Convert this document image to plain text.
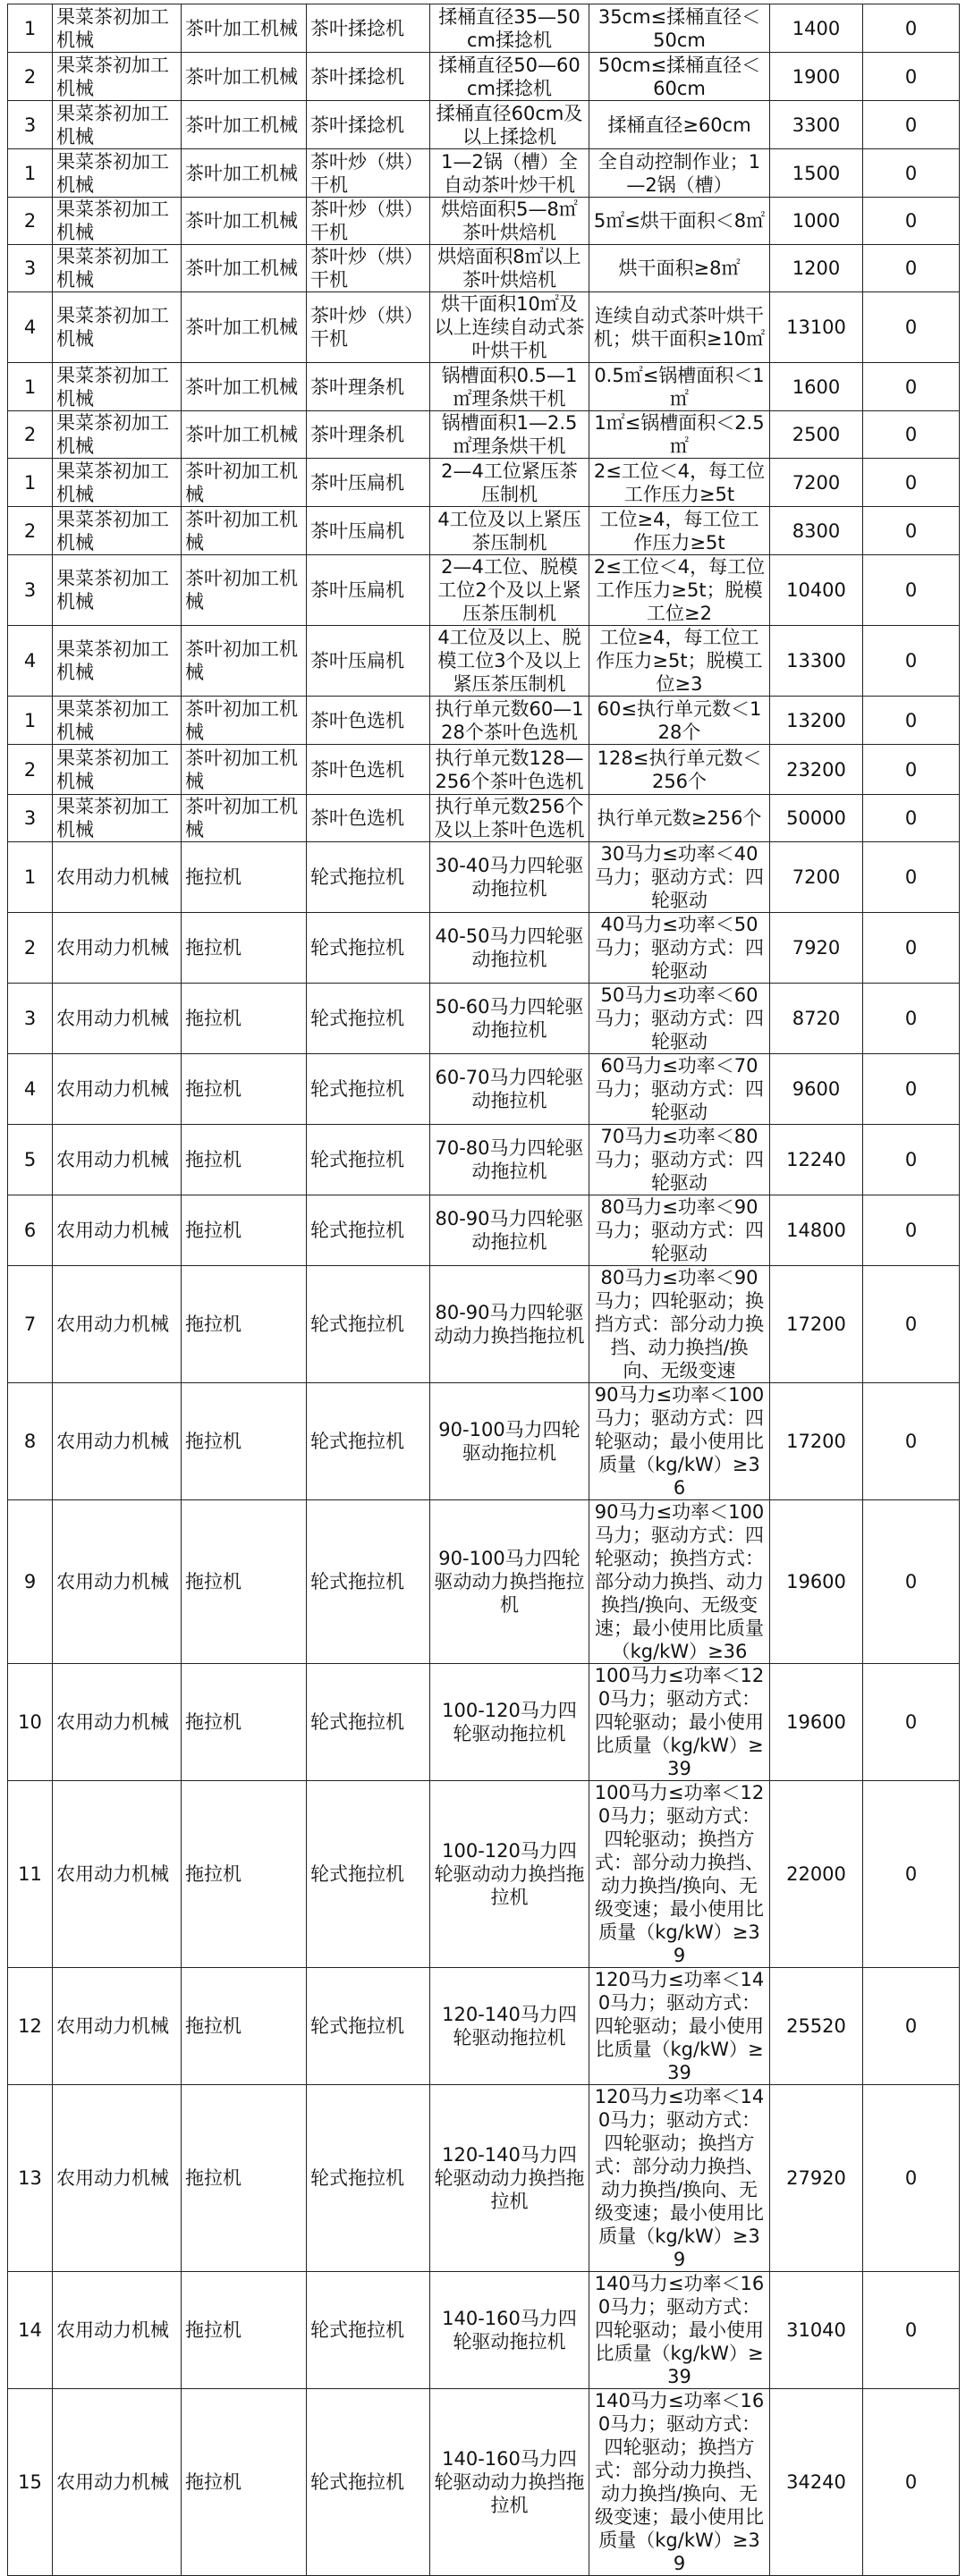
1	果菜茶初加工机械	茶叶加工机械	茶叶揉捻机	揉桶直径35—50cm揉捻机	35cm≤揉桶直径＜50cm	1400	0
2	果菜茶初加工机械	茶叶加工机械	茶叶揉捻机	揉桶直径50—60cm揉捻机	50cm≤揉桶直径＜60cm	1900	0
3	果菜茶初加工机械	茶叶加工机械	茶叶揉捻机	揉桶直径60cm及以上揉捻机	揉桶直径≥60cm	3300	0
1	果菜茶初加工机械	茶叶加工机械	茶叶炒（烘）干机	1—2锅（槽）全自动茶叶炒干机	全自动控制作业；1—2锅（槽）	1500	0
2	果菜茶初加工机械	茶叶加工机械	茶叶炒（烘）干机	烘焙面积5—8㎡茶叶烘焙机	5㎡≤烘干面积＜8㎡	1000	0
3	果菜茶初加工机械	茶叶加工机械	茶叶炒（烘）干机	烘焙面积8㎡以上茶叶烘焙机	烘干面积≥8㎡	1200	0
4	果菜茶初加工机械	茶叶加工机械	茶叶炒（烘）干机	烘干面积10㎡及以上连续自动式茶叶烘干机	连续自动式茶叶烘干机；烘干面积≥10㎡	13100	0
1	果菜茶初加工机械	茶叶加工机械	茶叶理条机	锅槽面积0.5—1㎡理条烘干机	0.5㎡≤锅槽面积＜1㎡	1600	0
2	果菜茶初加工机械	茶叶加工机械	茶叶理条机	锅槽面积1—2.5㎡理条烘干机	1㎡≤锅槽面积＜2.5㎡	2500	0
1	果菜茶初加工机械	茶叶初加工机械	茶叶压扁机	2—4工位紧压茶压制机	2≤工位＜4，每工位工作压力≥5t	7200	0
2	果菜茶初加工机械	茶叶初加工机械	茶叶压扁机	4工位及以上紧压茶压制机	工位≥4，每工位工作压力≥5t	8300	0
3	果菜茶初加工机械	茶叶初加工机械	茶叶压扁机	2—4工位、脱模工位2个及以上紧压茶压制机	2≤工位＜4，每工位工作压力≥5t；脱模工位≥2	10400	0
4	果菜茶初加工机械	茶叶初加工机械	茶叶压扁机	4工位及以上、脱模工位3个及以上紧压茶压制机	工位≥4，每工位工作压力≥5t；脱模工位≥3	13300	0
1	果菜茶初加工机械	茶叶初加工机械	茶叶色选机	执行单元数60—128个茶叶色选机	60≤执行单元数＜128个	13200	0
2	果菜茶初加工机械	茶叶初加工机械	茶叶色选机	执行单元数128—256个茶叶色选机	128≤执行单元数＜256个	23200	0
3	果菜茶初加工机械	茶叶初加工机械	茶叶色选机	执行单元数256个及以上茶叶色选机	执行单元数≥256个	50000	0
1	农用动力机械	拖拉机	轮式拖拉机	30-40马力四轮驱动拖拉机	30马力≤功率＜40马力；驱动方式：四轮驱动	7200	0
2	农用动力机械	拖拉机	轮式拖拉机	40-50马力四轮驱动拖拉机	40马力≤功率＜50马力；驱动方式：四轮驱动	7920	0
3	农用动力机械	拖拉机	轮式拖拉机	50-60马力四轮驱动拖拉机	50马力≤功率＜60马力；驱动方式：四轮驱动	8720	0
4	农用动力机械	拖拉机	轮式拖拉机	60-70马力四轮驱动拖拉机	60马力≤功率＜70马力；驱动方式：四轮驱动	9600	0
5	农用动力机械	拖拉机	轮式拖拉机	70-80马力四轮驱动拖拉机	70马力≤功率＜80马力；驱动方式：四轮驱动	12240	0
6	农用动力机械	拖拉机	轮式拖拉机	80-90马力四轮驱动拖拉机	80马力≤功率＜90马力；驱动方式：四轮驱动	14800	0
7	农用动力机械	拖拉机	轮式拖拉机	80-90马力四轮驱动动力换挡拖拉机	80马力≤功率＜90马力；四轮驱动；换挡方式：部分动力换挡、动力换挡/换向、无级变速	17200	0
8	农用动力机械	拖拉机	轮式拖拉机	90-100马力四轮驱动拖拉机	90马力≤功率＜100马力；驱动方式：四轮驱动；最小使用比质量（kg/kW）≥36	17200	0
9	农用动力机械	拖拉机	轮式拖拉机	90-100马力四轮驱动动力换挡拖拉机	90马力≤功率＜100马力；驱动方式：四轮驱动；换挡方式：部分动力换挡、动力换挡/换向、无级变速；最小使用比质量（kg/kW）≥36	19600	0
10	农用动力机械	拖拉机	轮式拖拉机	100-120马力四轮驱动拖拉机	100马力≤功率＜120马力；驱动方式：四轮驱动；最小使用比质量（kg/kW）≥39	19600	0
11	农用动力机械	拖拉机	轮式拖拉机	100-120马力四轮驱动动力换挡拖拉机	100马力≤功率＜120马力；驱动方式：四轮驱动；换挡方式：部分动力换挡、动力换挡/换向、无级变速；最小使用比质量（kg/kW）≥39	22000	0
12	农用动力机械	拖拉机	轮式拖拉机	120-140马力四轮驱动拖拉机	120马力≤功率＜140马力；驱动方式：四轮驱动；最小使用比质量（kg/kW）≥39	25520	0
13	农用动力机械	拖拉机	轮式拖拉机	120-140马力四轮驱动动力换挡拖拉机	120马力≤功率＜140马力；驱动方式：四轮驱动；换挡方式：部分动力换挡、动力换挡/换向、无级变速；最小使用比质量（kg/kW）≥39	27920	0
14	农用动力机械	拖拉机	轮式拖拉机	140-160马力四轮驱动拖拉机	140马力≤功率＜160马力；驱动方式：四轮驱动；最小使用比质量（kg/kW）≥39	31040	0
15	农用动力机械	拖拉机	轮式拖拉机	140-160马力四轮驱动动力换挡拖拉机	140马力≤功率＜160马力；驱动方式：四轮驱动；换挡方式：部分动力换挡、动力换挡/换向、无级变速；最小使用比质量（kg/kW）≥39	34240	0
